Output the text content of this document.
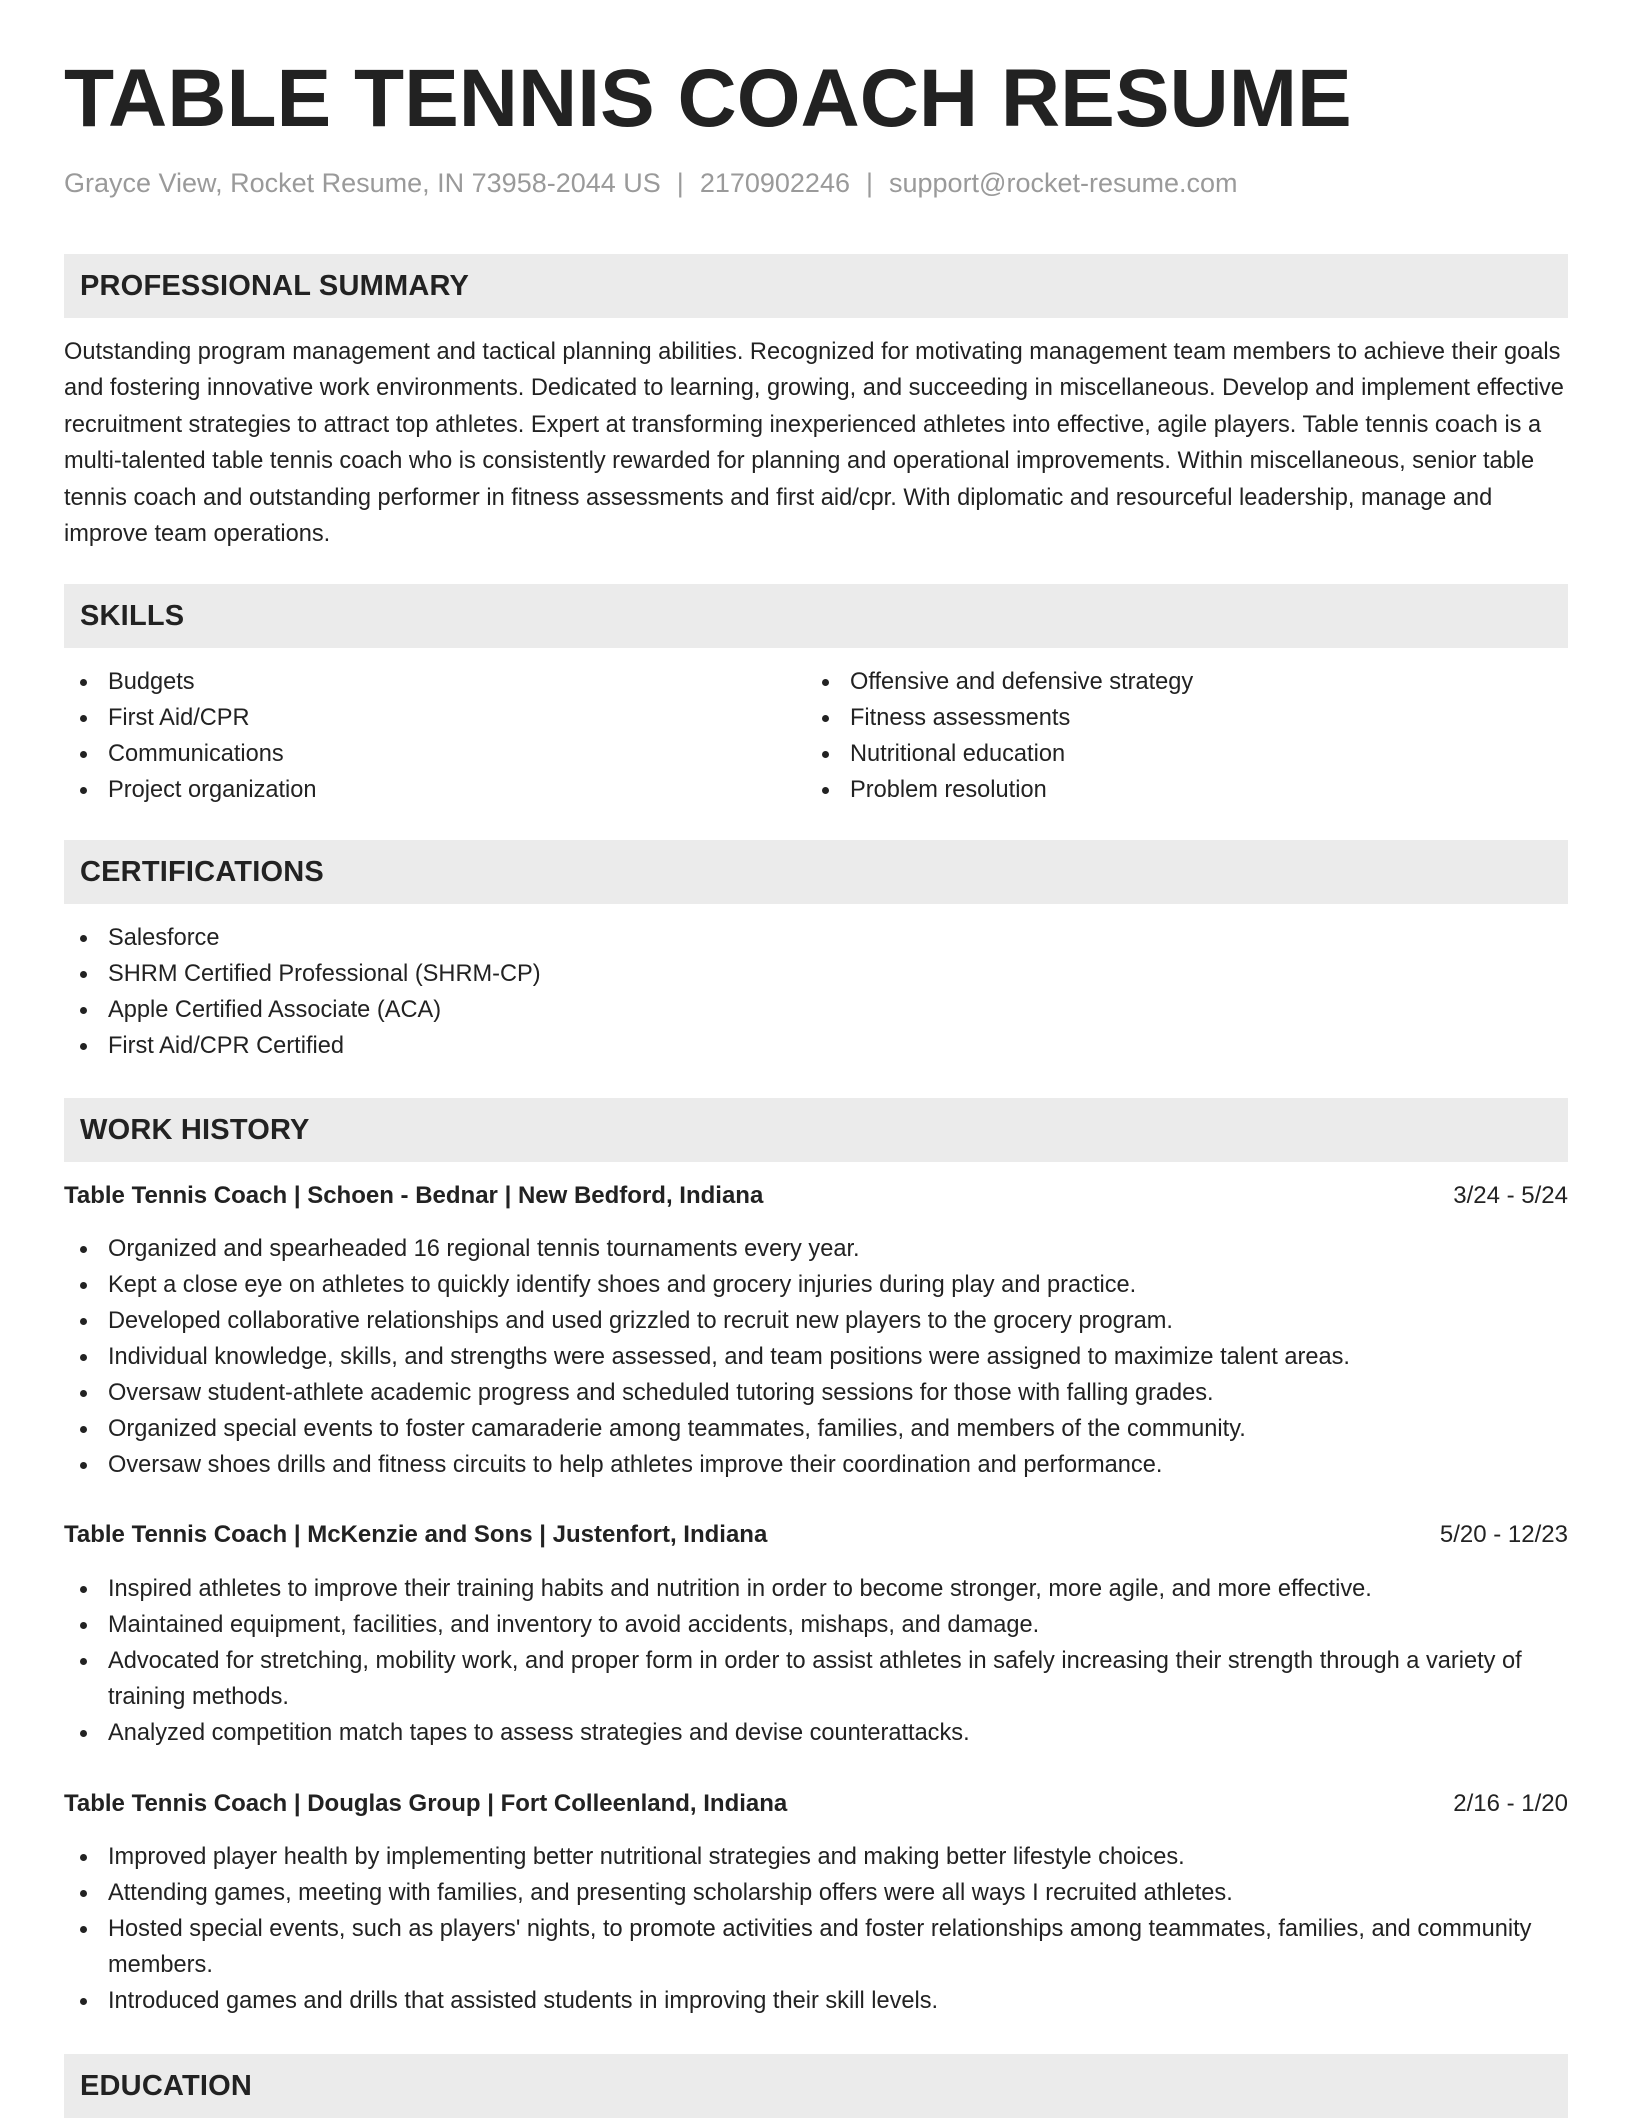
TABLE TENNIS COACH RESUME
Grayce View, Rocket Resume, IN 73958-2044 US | 2170902246 | support@rocket-resume.com
PROFESSIONAL SUMMARY

Outstanding program management and tactical planning abilities. Recognized for motivating management team members to achieve their goals and fostering innovative work environments. Dedicated to learning, growing, and succeeding in miscellaneous. Develop and implement effective recruitment strategies to attract top athletes. Expert at transforming inexperienced athletes into effective, agile players. Table tennis coach is a multi-talented table tennis coach who is consistently rewarded for planning and operational improvements. Within miscellaneous, senior table tennis coach and outstanding performer in fitness assessments and first aid/cpr. With diplomatic and resourceful leadership, manage and improve team operations.

SKILLS
Budgets
First Aid/CPR
Communications
Project organization
Offensive and defensive strategy
Fitness assessments
Nutritional education
Problem resolution
CERTIFICATIONS
Salesforce
SHRM Certified Professional (SHRM-CP)
Apple Certified Associate (ACA)
First Aid/CPR Certified
WORK HISTORY
Table Tennis Coach | Schoen - Bednar | New Bedford, Indiana	3/24 - 5/24
Organized and spearheaded 16 regional tennis tournaments every year.
Kept a close eye on athletes to quickly identify shoes and grocery injuries during play and practice.
Developed collaborative relationships and used grizzled to recruit new players to the grocery program.
Individual knowledge, skills, and strengths were assessed, and team positions were assigned to maximize talent areas.
Oversaw student-athlete academic progress and scheduled tutoring sessions for those with falling grades.
Organized special events to foster camaraderie among teammates, families, and members of the community.
Oversaw shoes drills and fitness circuits to help athletes improve their coordination and performance.
Table Tennis Coach | McKenzie and Sons | Justenfort, Indiana	5/20 - 12/23
Inspired athletes to improve their training habits and nutrition in order to become stronger, more agile, and more effective.
Maintained equipment, facilities, and inventory to avoid accidents, mishaps, and damage.
Advocated for stretching, mobility work, and proper form in order to assist athletes in safely increasing their strength through a variety of training methods.
Analyzed competition match tapes to assess strategies and devise counterattacks.
Table Tennis Coach | Douglas Group | Fort Colleenland, Indiana	2/16 - 1/20
Improved player health by implementing better nutritional strategies and making better lifestyle choices.
Attending games, meeting with families, and presenting scholarship offers were all ways I recruited athletes.
Hosted special events, such as players' nights, to promote activities and foster relationships among teammates, families, and community members.
Introduced games and drills that assisted students in improving their skill levels.
EDUCATION
